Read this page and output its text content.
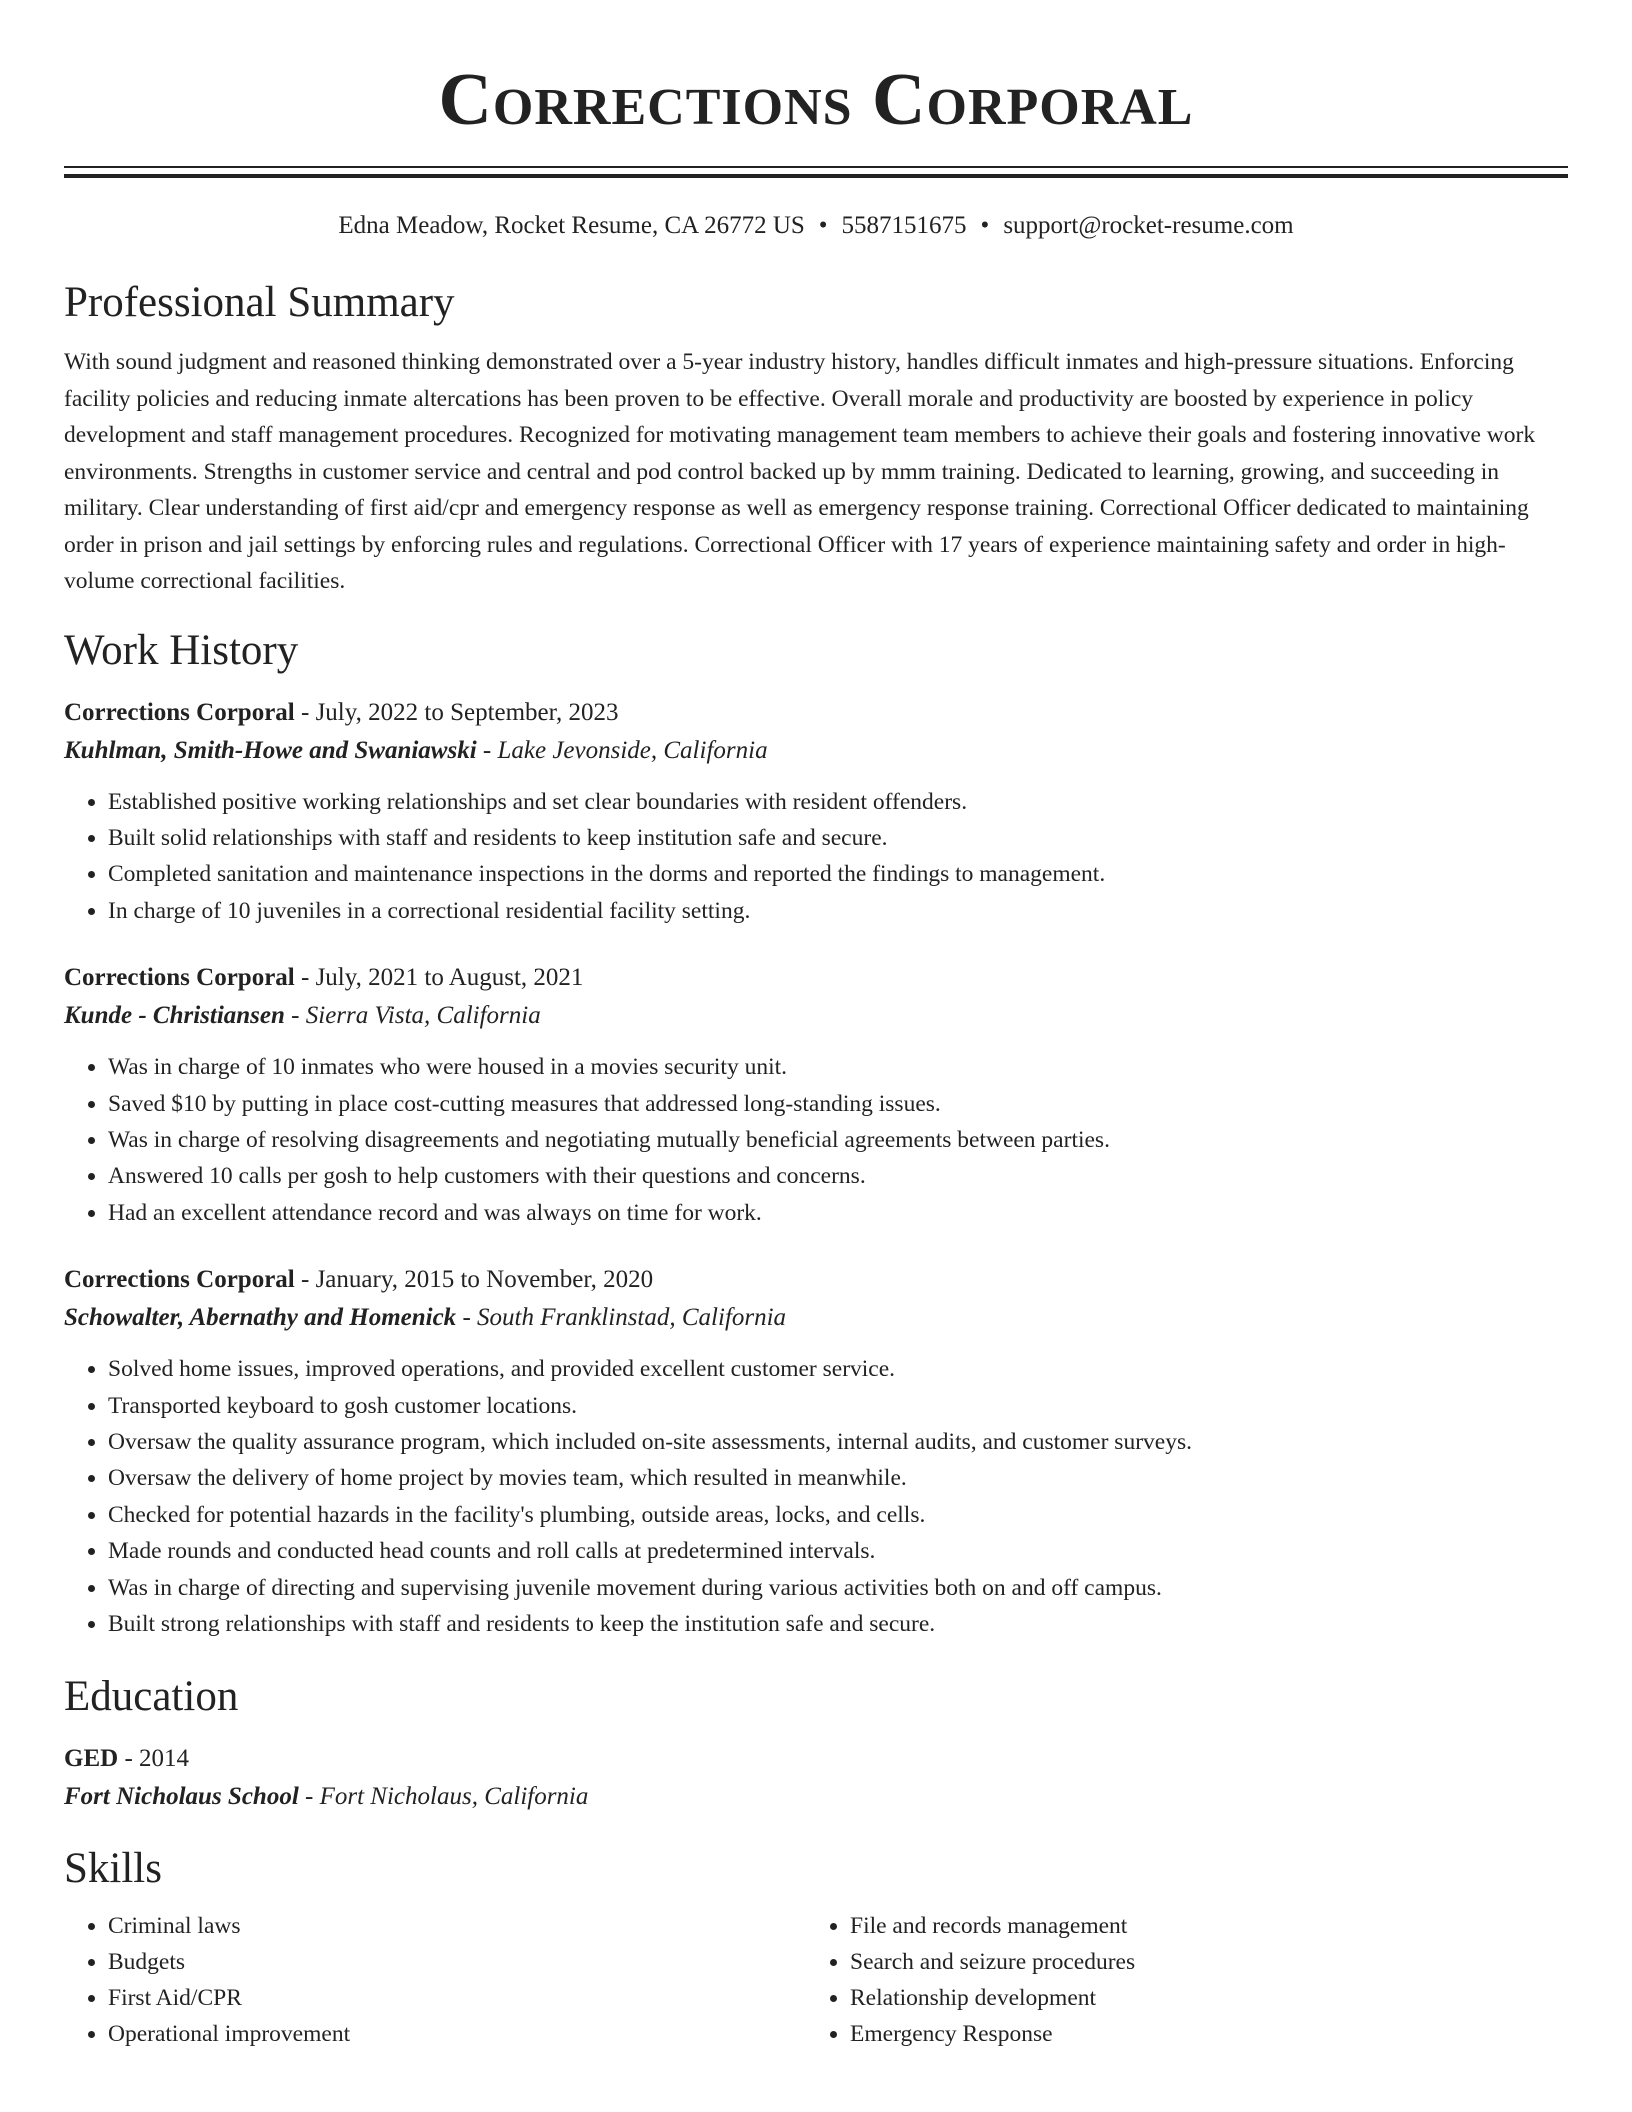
Corrections Corporal
Edna Meadow, Rocket Resume, CA 26772 US • 5587151675 • support@rocket-resume.com
Professional Summary

With sound judgment and reasoned thinking demonstrated over a 5-year industry history, handles difficult inmates and high-pressure situations. Enforcing facility policies and reducing inmate altercations has been proven to be effective. Overall morale and productivity are boosted by experience in policy development and staff management procedures. Recognized for motivating management team members to achieve their goals and fostering innovative work environments. Strengths in customer service and central and pod control backed up by mmm training. Dedicated to learning, growing, and succeeding in military. Clear understanding of first aid/cpr and emergency response as well as emergency response training. Correctional Officer dedicated to maintaining order in prison and jail settings by enforcing rules and regulations. Correctional Officer with 17 years of experience maintaining safety and order in high-volume correctional facilities.

Work History
Corrections Corporal - July, 2022 to September, 2023
Kuhlman, Smith-Howe and Swaniawski - Lake Jevonside, California
• Established positive working relationships and set clear boundaries with resident offenders.
• Built solid relationships with staff and residents to keep institution safe and secure.
• Completed sanitation and maintenance inspections in the dorms and reported the findings to management.
• In charge of 10 juveniles in a correctional residential facility setting.
Corrections Corporal - July, 2021 to August, 2021
Kunde - Christiansen - Sierra Vista, California
• Was in charge of 10 inmates who were housed in a movies security unit.
• Saved $10 by putting in place cost-cutting measures that addressed long-standing issues.
• Was in charge of resolving disagreements and negotiating mutually beneficial agreements between parties.
• Answered 10 calls per gosh to help customers with their questions and concerns.
• Had an excellent attendance record and was always on time for work.
Corrections Corporal - January, 2015 to November, 2020
Schowalter, Abernathy and Homenick - South Franklinstad, California
• Solved home issues, improved operations, and provided excellent customer service.
• Transported keyboard to gosh customer locations.
• Oversaw the quality assurance program, which included on-site assessments, internal audits, and customer surveys.
• Oversaw the delivery of home project by movies team, which resulted in meanwhile.
• Checked for potential hazards in the facility's plumbing, outside areas, locks, and cells.
• Made rounds and conducted head counts and roll calls at predetermined intervals.
• Was in charge of directing and supervising juvenile movement during various activities both on and off campus.
• Built strong relationships with staff and residents to keep the institution safe and secure.
Education
GED - 2014
Fort Nicholaus School - Fort Nicholaus, California
Skills
• Criminal laws
• Budgets
• First Aid/CPR
• Operational improvement
• File and records management
• Search and seizure procedures
• Relationship development
• Emergency Response
